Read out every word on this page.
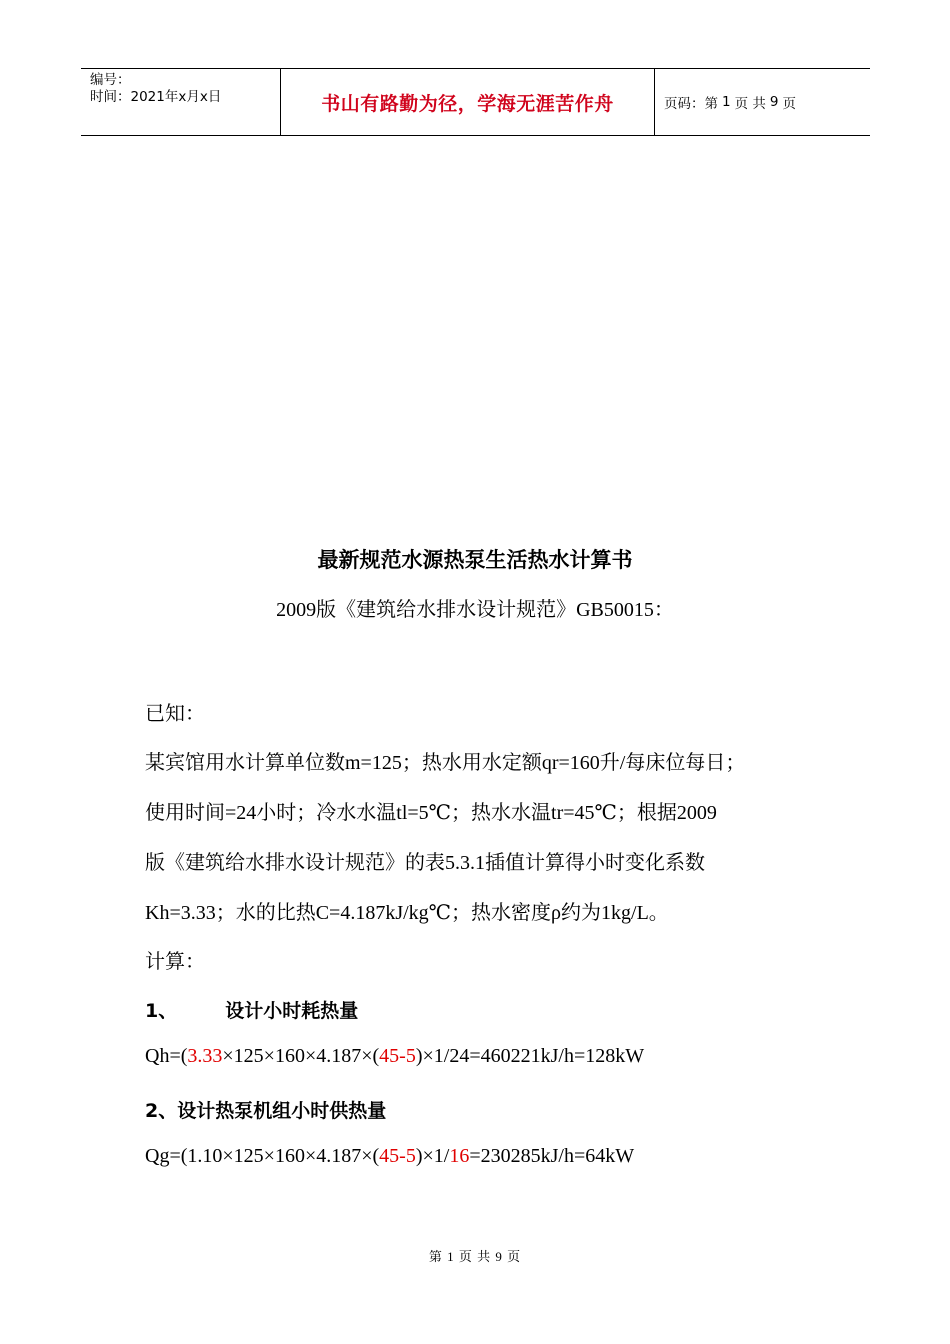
编号：
时间：2021年x月x日	书山有路勤为径，学海无涯苦作舟	页码：第 1 页 共 9 页
最新规范水源热泵生活热水计算书
2009版《建筑给水排水设计规范》GB50015：
已知：
某宾馆用水计算单位数m=125；热水用水定额qr=160升/每床位每日；
使用时间=24小时；冷水水温tl=5℃；热水水温tr=45℃；根据2009
版《建筑给水排水设计规范》的表5.3.1插值计算得小时变化系数
Kh=3.33；水的比热C=4.187kJ/kg℃；热水密度ρ约为1kg/L。
计算：
1、	设计小时耗热量
Qh=(3.33×125×160×4.187×(45-5)×1/24=460221kJ/h=128kW
2、设计热泵机组小时供热量
Qg=(1.10×125×160×4.187×(45-5)×1/16=230285kJ/h=64kW
第 1 页 共 9 页
